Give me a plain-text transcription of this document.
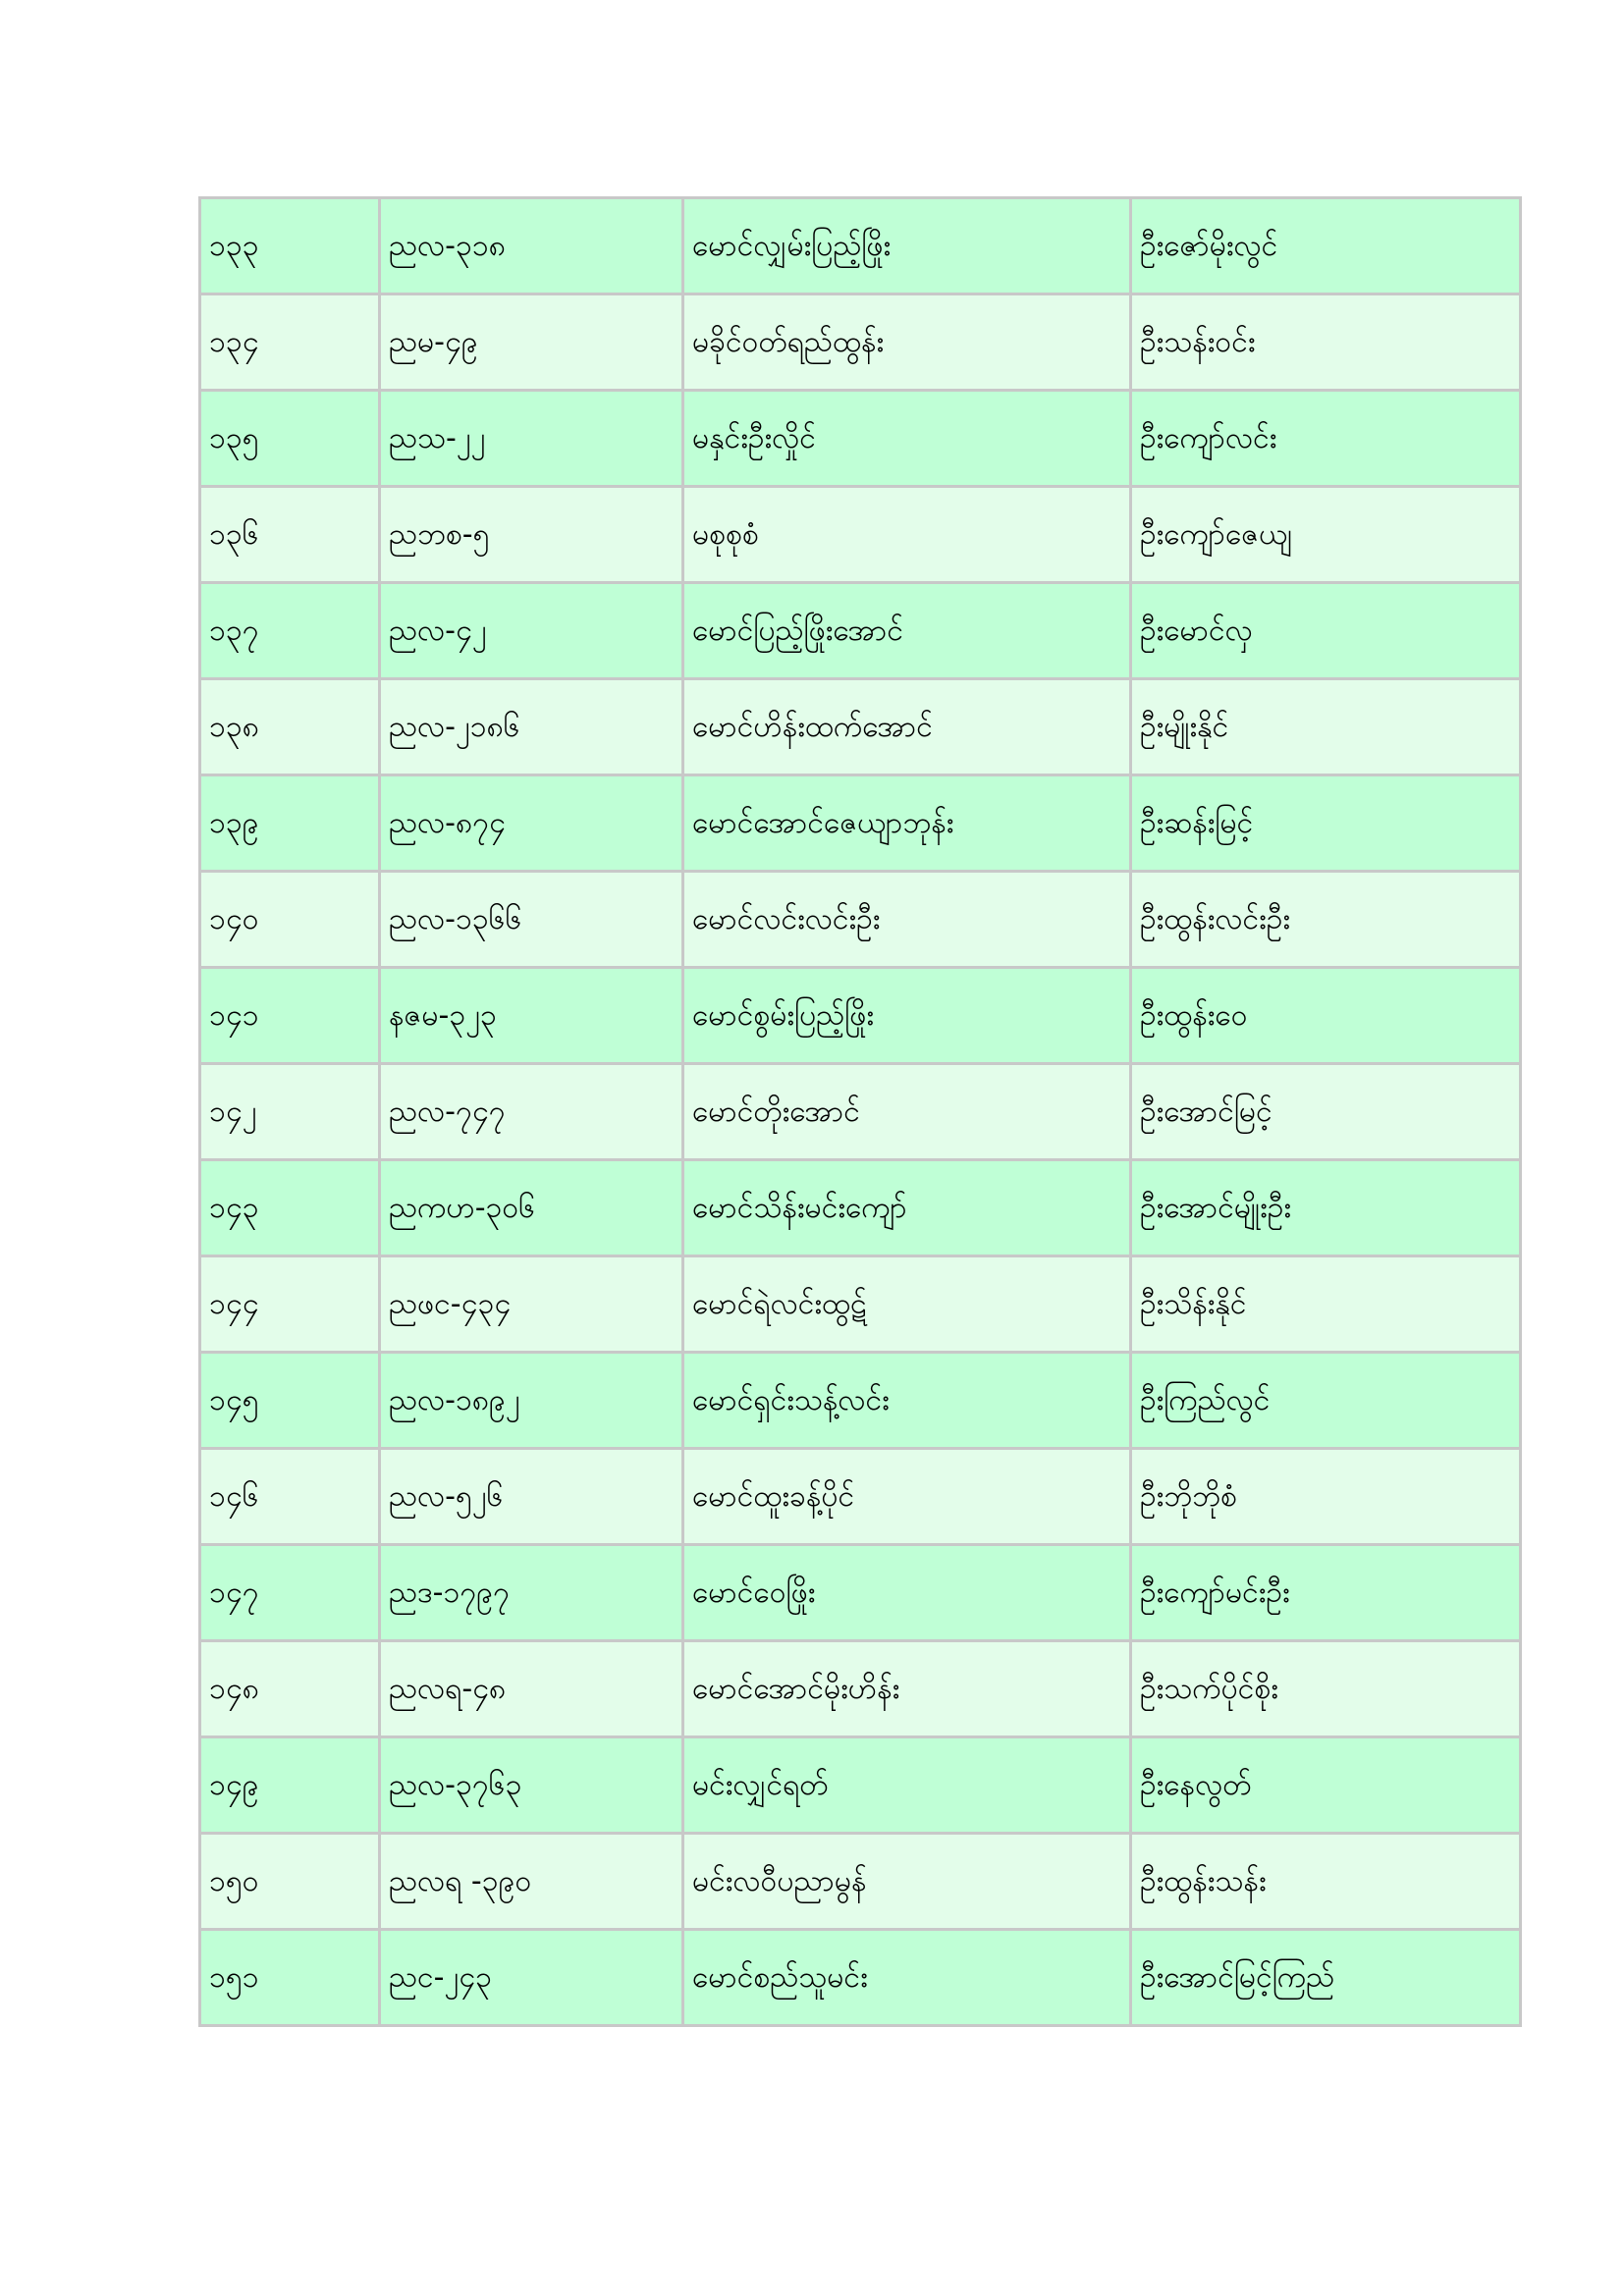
၁၃၃	ညလ-၃၁၈	မောင်လျှမ်းပြည့်ဖြိုး	ဦးဇော်မိုးလွင်
၁၃၄	ညမ-၄၉	မခိုင်ဝတ်ရည်ထွန်း	ဦးသန်းဝင်း
၁၃၅	ညသ-၂၂	မနှင်းဦးလှိုင်	ဦးကျော်လင်း
၁၃၆	ညဘစ-၅	မစုစုစံ	ဦးကျော်ဇေယျ
၁၃၇	ညလ-၄၂	မောင်ပြည့်ဖြိုးအောင်	ဦးမောင်လှ
၁၃၈	ညလ-၂၁၈၆	မောင်ဟိန်းထက်အောင်	ဦးမျိုးနိုင်
၁၃၉	ညလ-၈၇၄	မောင်အောင်ဇေယျာဘုန်း	ဦးဆန်းမြင့်
၁၄၀	ညလ-၁၃၆၆	မောင်လင်းလင်းဦး	ဦးထွန်းလင်းဦး
၁၄၁	နဇမ-၃၂၃	မောင်စွမ်းပြည့်ဖြိုး	ဦးထွန်းဝေ
၁၄၂	ညလ-၇၄၇	မောင်တိုးအောင်	ဦးအောင်မြင့်
၁၄၃	ညကဟ-၃၀၆	မောင်သိန်းမင်းကျော်	ဦးအောင်မျိုးဦး
၁၄၄	ညဖင-၄၃၄	မောင်ရဲလင်းထွဋ်	ဦးသိန်းနိုင်
၁၄၅	ညလ-၁၈၉၂	မောင်ရှင်းသန့်လင်း	ဦးကြည်လွင်
၁၄၆	ညလ-၅၂၆	မောင်ထူးခန့်ပိုင်	ဦးဘိုဘိုစံ
၁၄၇	ညဒ-၁၇၉၇	မောင်ဝေဖြိုး	ဦးကျော်မင်းဦး
၁၄၈	ညလရ-၄၈	မောင်အောင်မိုးဟိန်း	ဦးသက်ပိုင်စိုး
၁၄၉	ညလ-၃၇၆၃	မင်းလျှင်ရတ်	ဦးနေလွတ်
၁၅၀	ညလရ -၃၉၀	မင်းလဝီပညာမွန်	ဦးထွန်းသန်း
၁၅၁	ညင-၂၄၃	မောင်စည်သူမင်း	ဦးအောင်မြင့်ကြည်
